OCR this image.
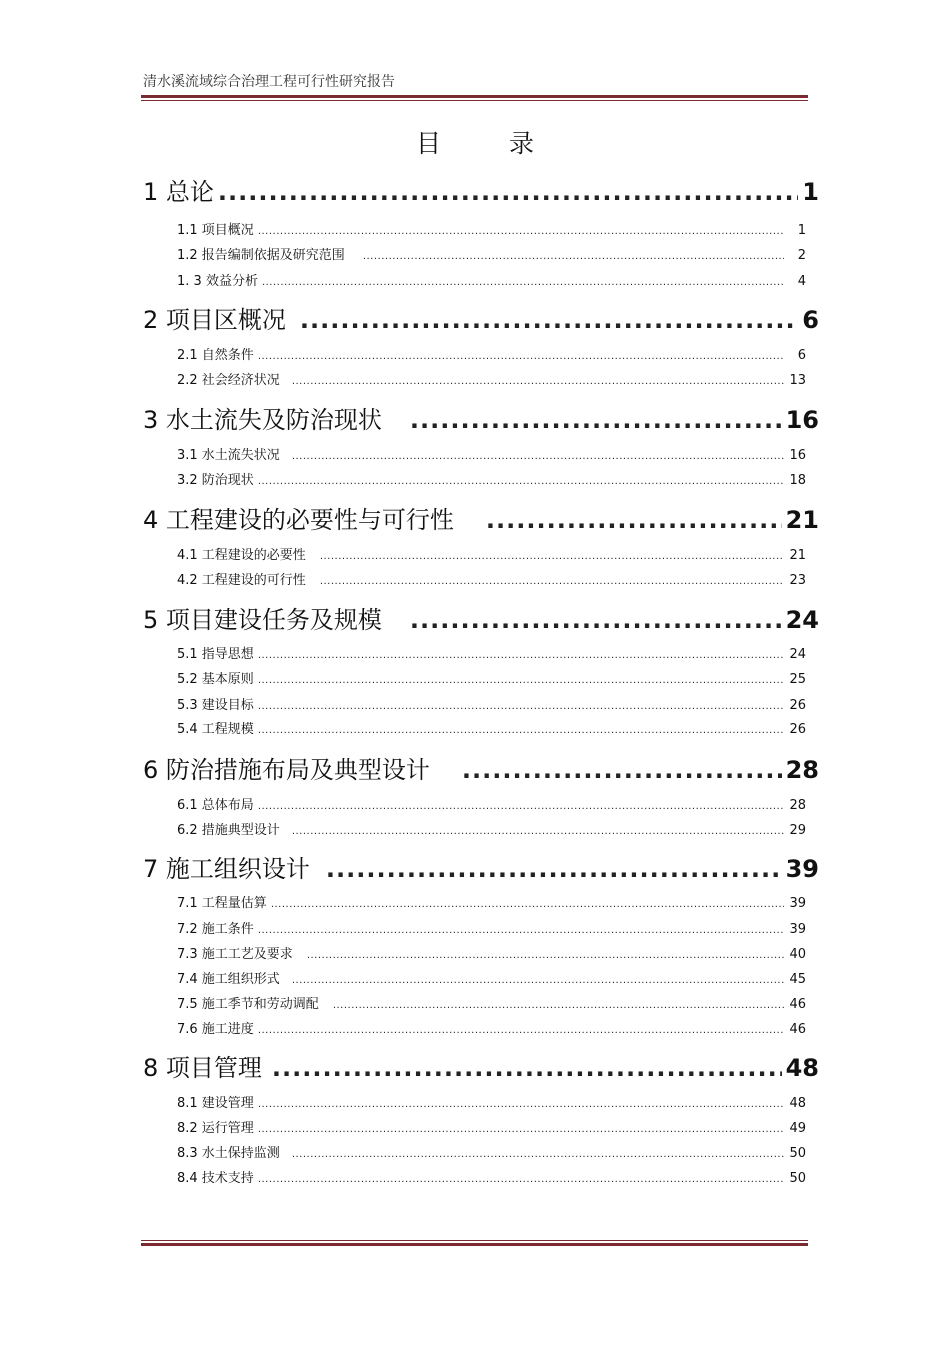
清水溪流域综合治理工程可行性研究报告
目 录
1 总论 .....	1
1.1 项目概况 .....	1
1.2 报告编制依据及研究范围 .....	2
1. 3 效益分析 .....	4
2 项目区概况 .....	6
2.1 自然条件 .....	6
2.2 社会经济状况 .....	13
3 水土流失及防治现状 .....	16
3.1 水土流失状况 .....	16
3.2 防治现状 .....	18
4 工程建设的必要性与可行性 .....	21
4.1 工程建设的必要性 .....	21
4.2 工程建设的可行性 .....	23
5 项目建设任务及规模 .....	24
5.1 指导思想 .....	24
5.2 基本原则 .....	25
5.3 建设目标 .....	26
5.4 工程规模 .....	26
6 防治措施布局及典型设计 .....	28
6.1 总体布局 .....	28
6.2 措施典型设计 .....	29
7 施工组织设计 .....	39
7.1 工程量估算 .....	39
7.2 施工条件 .....	39
7.3 施工工艺及要求 .....	40
7.4 施工组织形式 .....	45
7.5 施工季节和劳动调配 .....	46
7.6 施工进度 .....	46
8 项目管理 .....	48
8.1 建设管理 .....	48
8.2 运行管理 .....	49
8.3 水土保持监测 .....	50
8.4 技术支持 .....	50
